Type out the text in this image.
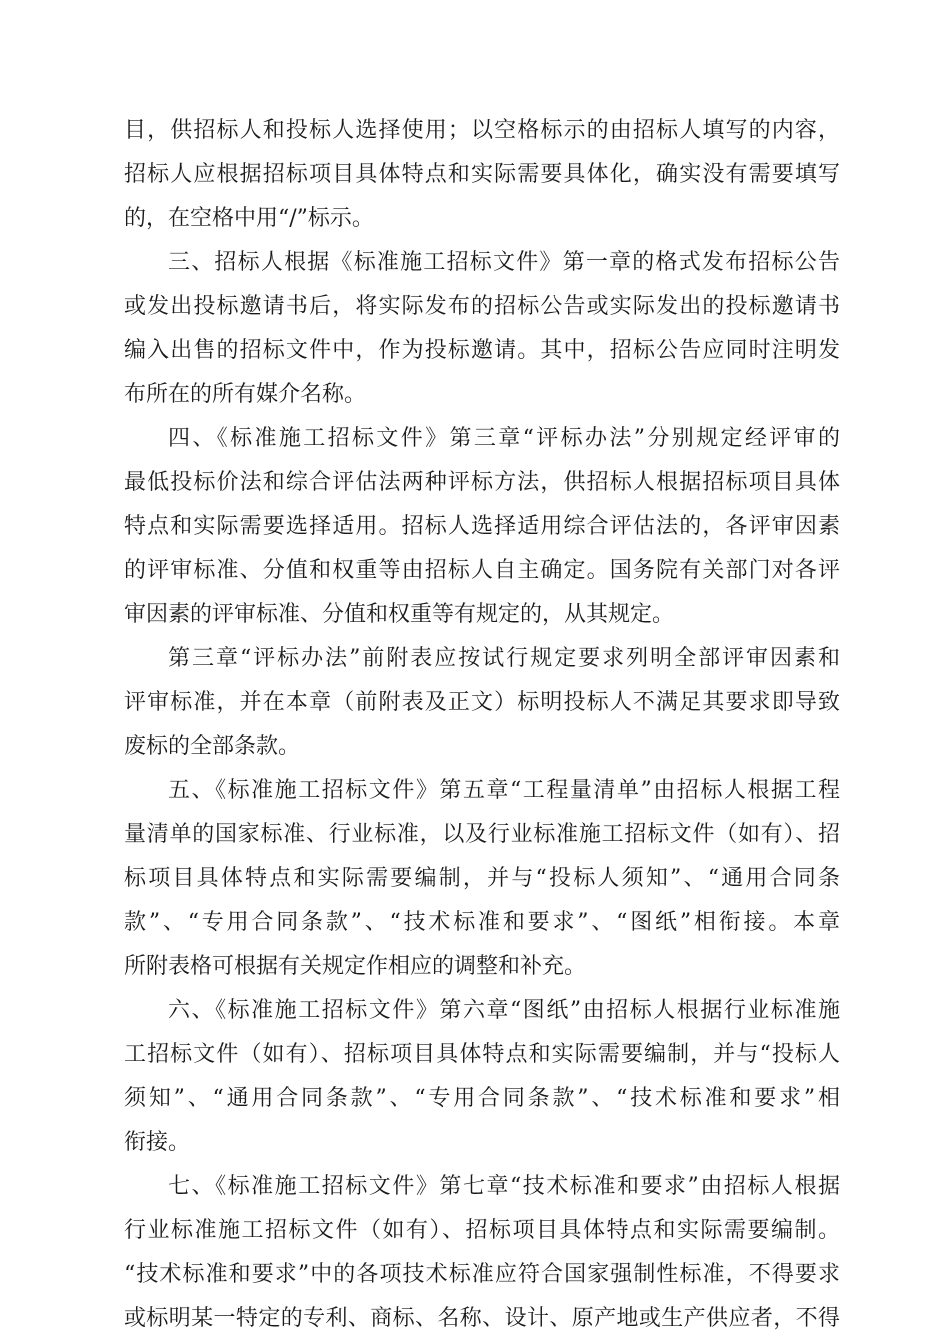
目，供招标人和投标人选择使用；以空格标示的由招标人填写的内容，
招标人应根据招标项目具体特点和实际需要具体化，确实没有需要填写
的，在空格中用“/”标示。
三、招标人根据《标准施工招标文件》第一章的格式发布招标公告
或发出投标邀请书后，将实际发布的招标公告或实际发出的投标邀请书
编入出售的招标文件中，作为投标邀请。其中，招标公告应同时注明发
布所在的所有媒介名称。
四、《标准施工招标文件》第三章“评标办法”分别规定经评审的
最低投标价法和综合评估法两种评标方法，供招标人根据招标项目具体
特点和实际需要选择适用。招标人选择适用综合评估法的，各评审因素
的评审标准、分值和权重等由招标人自主确定。国务院有关部门对各评
审因素的评审标准、分值和权重等有规定的，从其规定。
第三章“评标办法”前附表应按试行规定要求列明全部评审因素和
评审标准，并在本章（前附表及正文）标明投标人不满足其要求即导致
废标的全部条款。
五、《标准施工招标文件》第五章“工程量清单”由招标人根据工程
量清单的国家标准、行业标准，以及行业标准施工招标文件（如有）、招
标项目具体特点和实际需要编制，并与“投标人须知”、“通用合同条
款”、“专用合同条款”、“技术标准和要求”、“图纸”相衔接。本章
所附表格可根据有关规定作相应的调整和补充。
六、《标准施工招标文件》第六章“图纸”由招标人根据行业标准施
工招标文件（如有）、招标项目具体特点和实际需要编制，并与“投标人
须知”、“通用合同条款”、“专用合同条款”、“技术标准和要求”相
衔接。
七、《标准施工招标文件》第七章“技术标准和要求”由招标人根据
行业标准施工招标文件（如有）、招标项目具体特点和实际需要编制。
“技术标准和要求”中的各项技术标准应符合国家强制性标准，不得要求
或标明某一特定的专利、商标、名称、设计、原产地或生产供应者，不得
